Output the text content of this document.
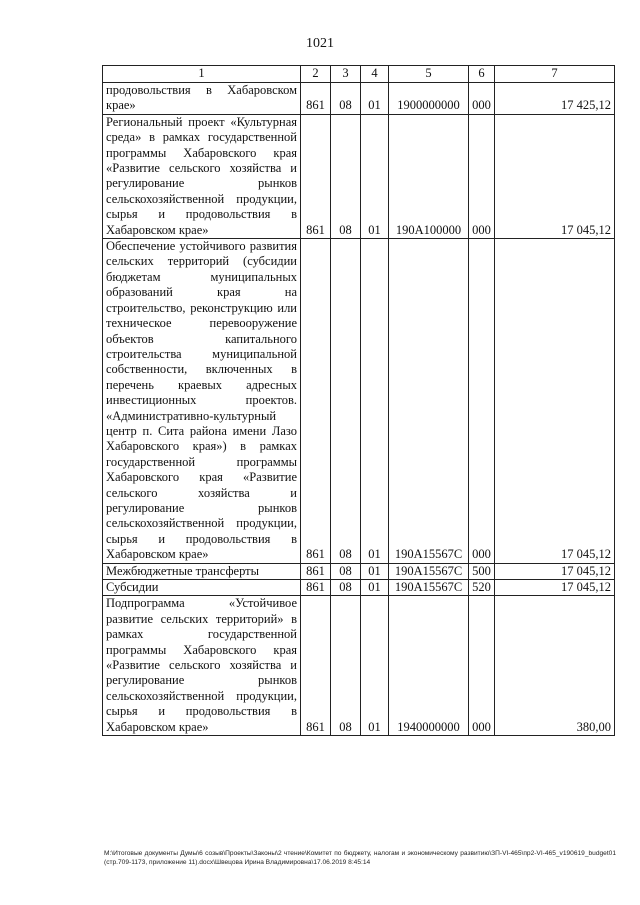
1021
1	2	3	4	5	6	7
продовольствия в Хабаровском крае»	861	08	01	1900000000	000	17 425,12
Региональный проект «Культурная среда» в рамках государственной программы Хабаровского края «Развитие сельского хозяйства и регулирование рынков сельскохозяйственной продукции, сырья и продовольствия в Хабаровском крае»	861	08	01	190А100000	000	17 045,12
Обеспечение устойчивого развития сельских территорий (субсидии бюджетам муниципальных образований края на строительство, реконструкцию или техническое перевооружение объектов капитального строительства муниципальной собственности, включенных в перечень краевых адресных инвестиционных проектов. «Административно-культурный центр п. Сита района имени Лазо Хабаровского края») в рамках государственной программы Хабаровского края «Развитие сельского хозяйства и регулирование рынков сельскохозяйственной продукции, сырья и продовольствия в Хабаровском крае»	861	08	01	190А15567С	000	17 045,12
Межбюджетные трансферты	861	08	01	190А15567С	500	17 045,12
Субсидии	861	08	01	190А15567С	520	17 045,12
Подпрограмма «Устойчивое развитие сельских территорий» в рамках государственной программы Хабаровского края «Развитие сельского хозяйства и регулирование рынков сельскохозяйственной продукции, сырья и продовольствия в Хабаровском крае»	861	08	01	1940000000	000	380,00
М:\Итоговые документы Думы\6 созыв\Проекты\Законы\2 чтение\Комитет по бюджету, налогам и экономическому развитию\ЗП-VI-465\пр2-VI-465_v190619_budget01 (стр.709-1173, приложение 11).docx\Швецова Ирина Владимировна\17.06.2019 8:45:14
